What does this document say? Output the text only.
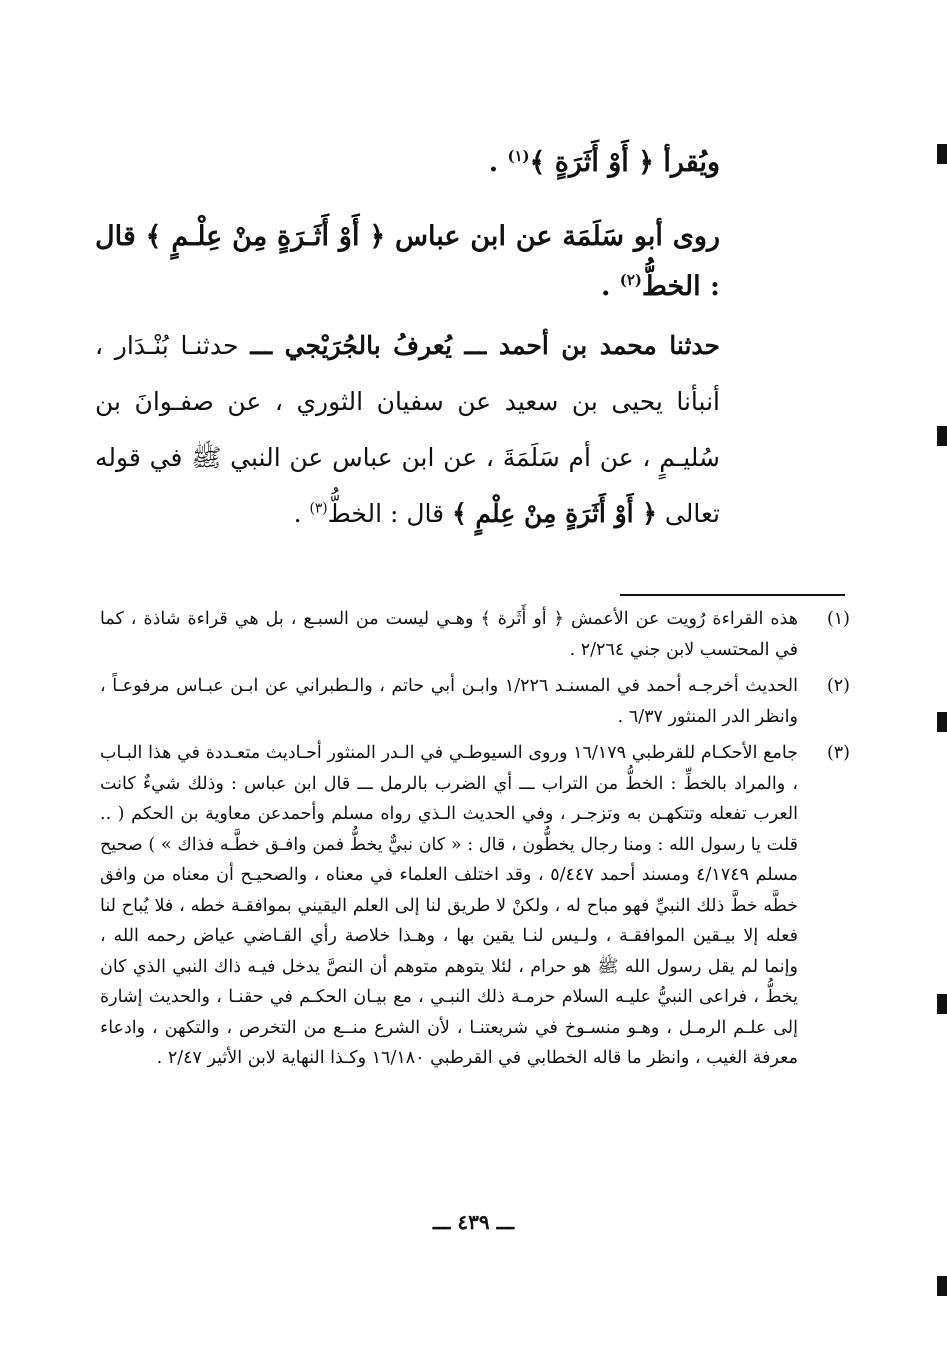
ويُقرأ ﴿ أَوْ أَثَرَةٍ ﴾$^{(١)}$ .
روى أبو سَلَمَة عن ابن عباس ﴿ أَوْ أَثَـرَةٍ مِنْ عِلْـمٍ ﴾ قال : الخطُّ$^{(٢)}$ .
حدثنا محمد بن أحمد ـــ يُعرفُ بالجُرَيْجي ـــ حدثنـا بُنْـدَار ، أنبأنا يحيى بن سعيد عن سفيان الثوري ، عن صفـوانَ بن سُليـمٍ ، عن أم سَلَمَةَ ، عن ابن عباس عن النبي ﷺ في قوله تعالى ﴿ أَوْ أَثَرَةٍ مِنْ عِلْمٍ ﴾ قال : الخطُّ$^{(٣)}$ .
(١)
هذه القراءة رُويت عن الأعمش ﴿ أو أَثَرة ﴾ وهـي ليست من السبـع ، بل هي قراءة شاذة ، كما في المحتسب لابن جني ٢/٢٦٤ .
(٢)
الحديث أخرجـه أحمد في المسنـد ١/٢٢٦ وابـن أبي حاتم ، والـطبراني عن ابـن عبـاس مرفوعـاً ، وانظر الدر المنثور ٦/٣٧ .
(٣)
جامع الأحكـام للقرطبي ١٦/١٧٩ وروى السيوطـي في الـدر المنثور أحـاديث متعـددة في هذا البـاب ، والمراد بالخطِّ : الخطُّ من التراب ـــ أي الضرب بالرمل ـــ قال ابن عباس : وذلك شيءٌ كانت العرب تفعله وتتكهـن به وتزجـر ، وفي الحديث الـذي رواه مسلم وأحمدعن معاوية بن الحكم ( .. قلت يا رسول الله : ومنا رجال يخطُّون ، قال : « كان نبيٌّ يخطُّ فمن وافـق خطَّـه فذاك » ) صحيح مسلم ٤/١٧٤٩ ومسند أحمد ٥/٤٤٧ ، وقد اختلف العلماء في معناه ، والصحيـح أن معناه من وافق خطَّه خطَّ ذلك النبيِّ فهو مباح له ، ولكنْ لا طريق لنا إلى العلم اليقيني بموافقـة خطه ، فلا يُباح لنا فعله إلا بيـقين الموافقـة ، ولـيس لنـا يقين بها ، وهـذا خلاصة رأي القـاضي عياض رحمه الله ، وإنما لم يقل رسول الله ﷺ هو حرام ، لئلا يتوهم متوهم أن النصَّ يدخل فيـه ذاك النبي الذي كان يخطُّ ، فراعى النبيُّ عليـه السلام حرمـة ذلك النبـي ، مع بيـان الحكـم في حقنـا ، والحديث إشارة إلى علـم الرمـل ، وهـو منسـوخ في شريعتنـا ، لأن الشرع منــع من التخرص ، والتكهن ، وادعاء معرفة الغيب ، وانظر ما قاله الخطابي في القرطبي ١٦/١٨٠ وكـذا النهاية لابن الأثير ٢/٤٧ .
ـــ ٤٣٩ ـــ
